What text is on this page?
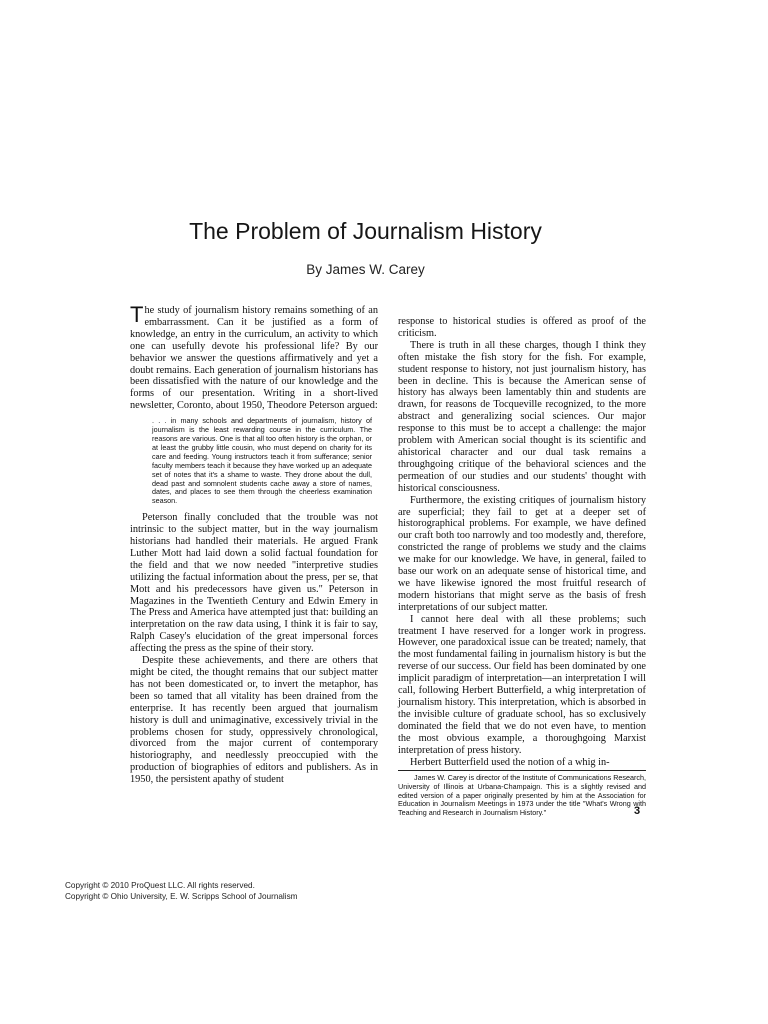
The Problem of Journalism History
By James W. Carey

The study of journalism history remains something of an embarrassment. Can it be justified as a form of knowledge, an entry in the curriculum, an activity to which one can usefully devote his professional life? By our behavior we answer the questions affirmatively and yet a doubt remains. Each generation of journalism historians has been dissatisfied with the nature of our knowledge and the forms of our presentation. Writing in a short-lived newsletter, Coronto, about 1950, Theodore Peterson argued:

. . . in many schools and departments of journalism, history of journalism is the least rewarding course in the curriculum. The reasons are various. One is that all too often history is the orphan, or at least the grubby little cousin, who must depend on charity for its care and feeding. Young instructors teach it from sufferance; senior faculty members teach it because they have worked up an adequate set of notes that it's a shame to waste. They drone about the dull, dead past and somnolent students cache away a store of names, dates, and places to see them through the cheerless examination season.

Peterson finally concluded that the trouble was not intrinsic to the subject matter, but in the way journalism historians had handled their materials. He argued Frank Luther Mott had laid down a solid factual foundation for the field and that we now needed "interpretive studies utilizing the factual information about the press, per se, that Mott and his predecessors have given us." Peterson in Magazines in the Twentieth Century and Edwin Emery in The Press and America have attempted just that: building an interpretation on the raw data using, I think it is fair to say, Ralph Casey's elucidation of the great impersonal forces affecting the press as the spine of their story.

Despite these achievements, and there are others that might be cited, the thought remains that our subject matter has not been domesticated or, to invert the metaphor, has been so tamed that all vitality has been drained from the enterprise. It has recently been argued that journalism history is dull and unimaginative, excessively trivial in the problems chosen for study, oppressively chronological, divorced from the major current of contemporary historiography, and needlessly preoccupied with the production of biographies of editors and publishers. As in 1950, the persistent apathy of student

response to historical studies is offered as proof of the criticism.

There is truth in all these charges, though I think they often mistake the fish story for the fish. For example, student response to history, not just journalism history, has been in decline. This is because the American sense of history has always been lamentably thin and students are drawn, for reasons de Tocqueville recognized, to the more abstract and generalizing social sciences. Our major response to this must be to accept a challenge: the major problem with American social thought is its scientific and ahistorical character and our dual task remains a throughgoing critique of the behavioral sciences and the permeation of our studies and our students' thought with historical consciousness.

Furthermore, the existing critiques of journalism history are superficial; they fail to get at a deeper set of historographical problems. For example, we have defined our craft both too narrowly and too modestly and, therefore, constricted the range of problems we study and the claims we make for our knowledge. We have, in general, failed to base our work on an adequate sense of historical time, and we have likewise ignored the most fruitful research of modern historians that might serve as the basis of fresh interpretations of our subject matter.

I cannot here deal with all these problems; such treatment I have reserved for a longer work in progress. However, one paradoxical issue can be treated; namely, that the most fundamental failing in journalism history is but the reverse of our success. Our field has been dominated by one implicit paradigm of interpretation—an interpretation I will call, following Herbert Butterfield, a whig interpretation of journalism history. This interpretation, which is absorbed in the invisible culture of graduate school, has so exclusively dominated the field that we do not even have, to mention the most obvious example, a thoroughgoing Marxist interpretation of press history.

Herbert Butterfield used the notion of a whig in-

James W. Carey is director of the Institute of Communications Research, University of Illinois at Urbana-Champaign. This is a slightly revised and edited version of a paper originally presented by him at the Association for Education in Journalism Meetings in 1973 under the title "What's Wrong with Teaching and Research in Journalism History."	3
Copyright © 2010 ProQuest LLC. All rights reserved.
Copyright © Ohio University, E. W. Scripps School of Journalism
